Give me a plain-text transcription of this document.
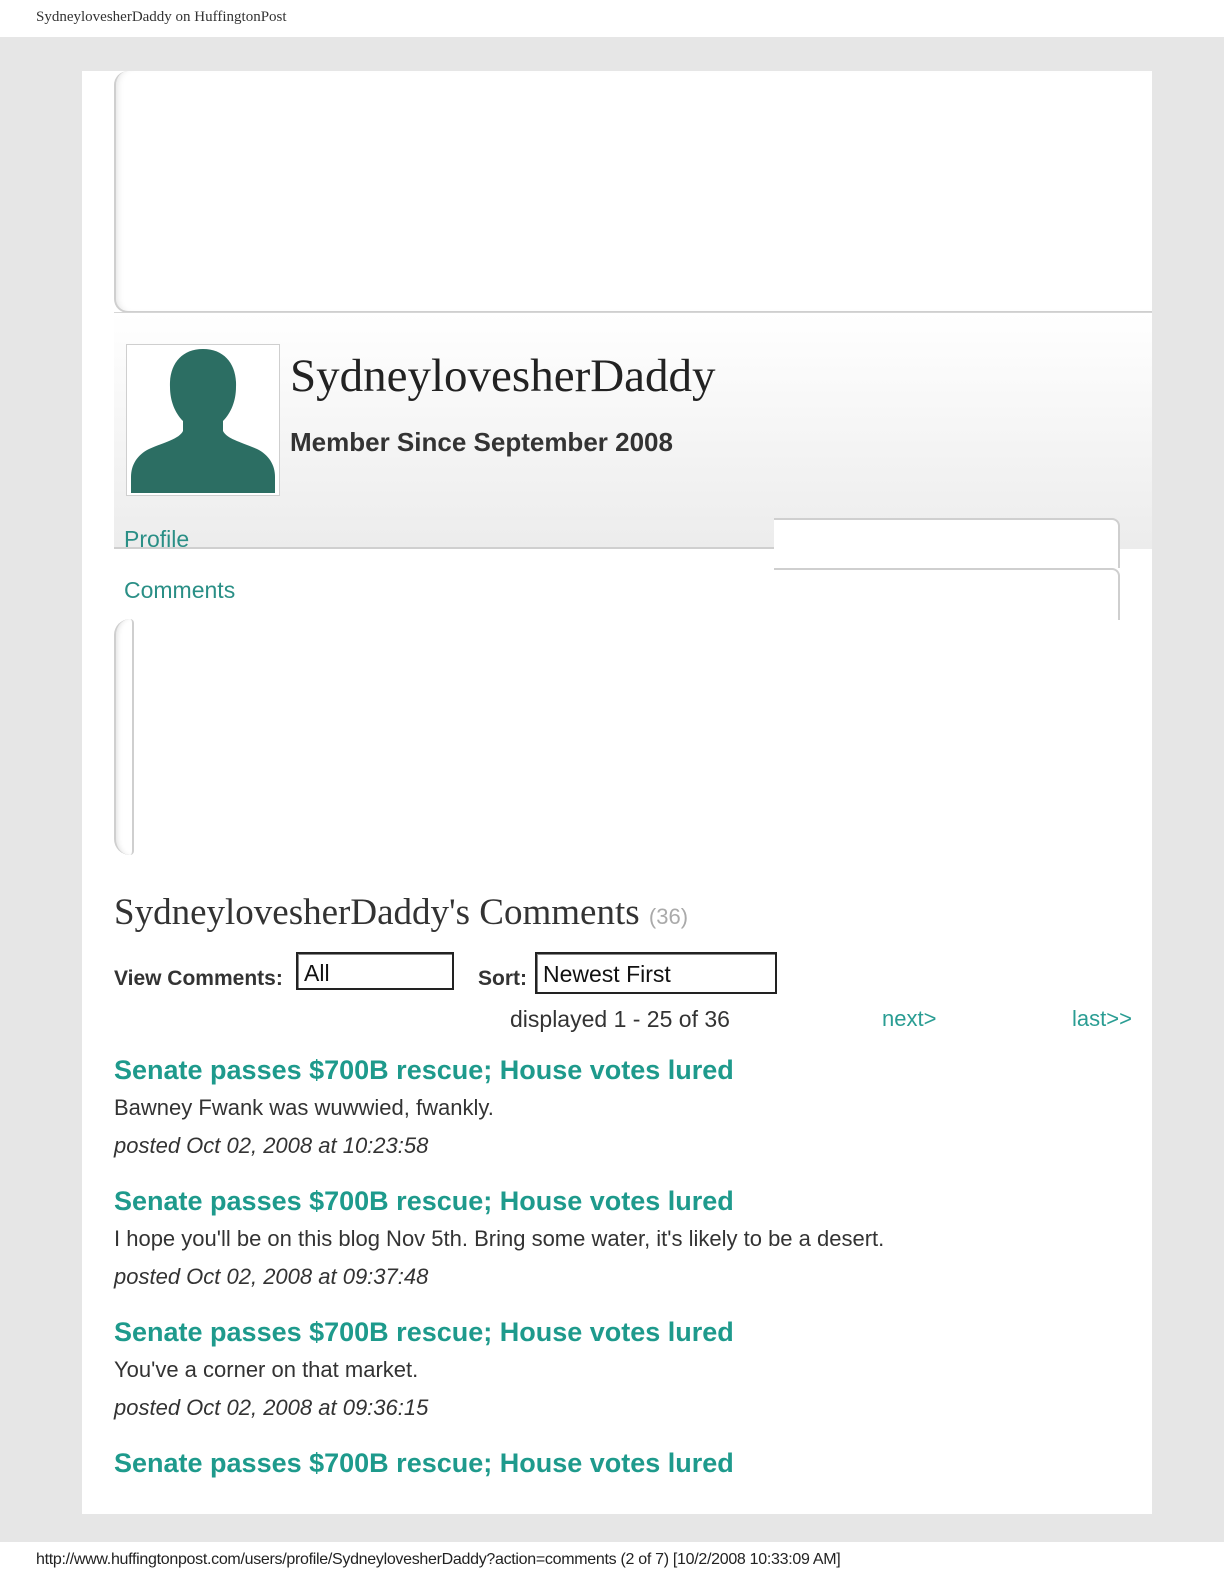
SydneylovesherDaddy on HuffingtonPost
SydneylovesherDaddy
Member Since September 2008
Profile
Comments
SydneylovesherDaddy's Comments (36)
View Comments: All	Sort: Newest First
displayed 1 - 25 of 36	next>	last>>
Senate passes $700B rescue; House votes lured
Bawney Fwank was wuwwied, fwankly.
posted Oct 02, 2008 at 10:23:58
Senate passes $700B rescue; House votes lured
I hope you'll be on this blog Nov 5th. Bring some water, it's likely to be a desert.
posted Oct 02, 2008 at 09:37:48
Senate passes $700B rescue; House votes lured
You've a corner on that market.
posted Oct 02, 2008 at 09:36:15
Senate passes $700B rescue; House votes lured
http://www.huffingtonpost.com/users/profile/SydneylovesherDaddy?action=comments (2 of 7) [10/2/2008 10:33:09 AM]
